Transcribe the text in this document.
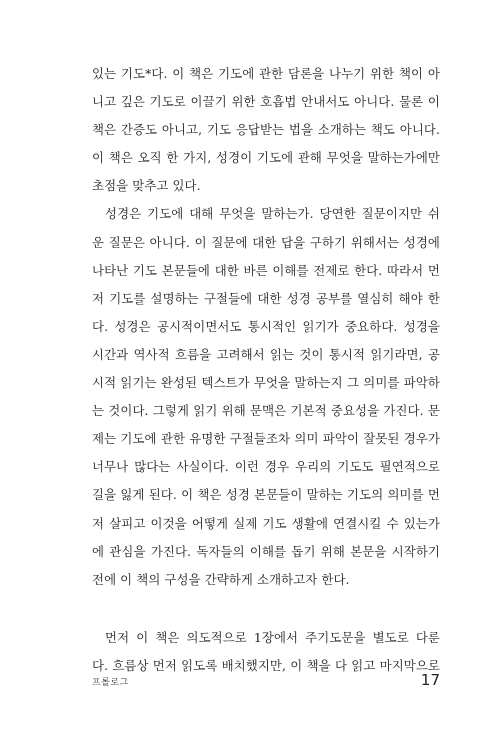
있는 기도*다. 이 책은 기도에 관한 담론을 나누기 위한 책이 아
니고 깊은 기도로 이끌기 위한 호흡법 안내서도 아니다. 물론 이
책은 간증도 아니고, 기도 응답받는 법을 소개하는 책도 아니다.
이 책은 오직 한 가지, 성경이 기도에 관해 무엇을 말하는가에만
초점을 맞추고 있다.
성경은 기도에 대해 무엇을 말하는가. 당연한 질문이지만 쉬
운 질문은 아니다. 이 질문에 대한 답을 구하기 위해서는 성경에
나타난 기도 본문들에 대한 바른 이해를 전제로 한다. 따라서 먼
저 기도를 설명하는 구절들에 대한 성경 공부를 열심히 해야 한
다. 성경은 공시적이면서도 통시적인 읽기가 중요하다. 성경을
시간과 역사적 흐름을 고려해서 읽는 것이 통시적 읽기라면, 공
시적 읽기는 완성된 텍스트가 무엇을 말하는지 그 의미를 파악하
는 것이다. 그렇게 읽기 위해 문맥은 기본적 중요성을 가진다. 문
제는 기도에 관한 유명한 구절들조차 의미 파악이 잘못된 경우가
너무나 많다는 사실이다. 이런 경우 우리의 기도도 필연적으로
길을 잃게 된다. 이 책은 성경 본문들이 말하는 기도의 의미를 먼
저 살피고 이것을 어떻게 실제 기도 생활에 연결시킬 수 있는가
에 관심을 가진다. 독자들의 이해를 돕기 위해 본문을 시작하기
전에 이 책의 구성을 간략하게 소개하고자 한다.
먼저 이 책은 의도적으로 1장에서 주기도문을 별도로 다룬
다. 흐름상 먼저 읽도록 배치했지만, 이 책을 다 읽고 마지막으로
프롤로그	17
